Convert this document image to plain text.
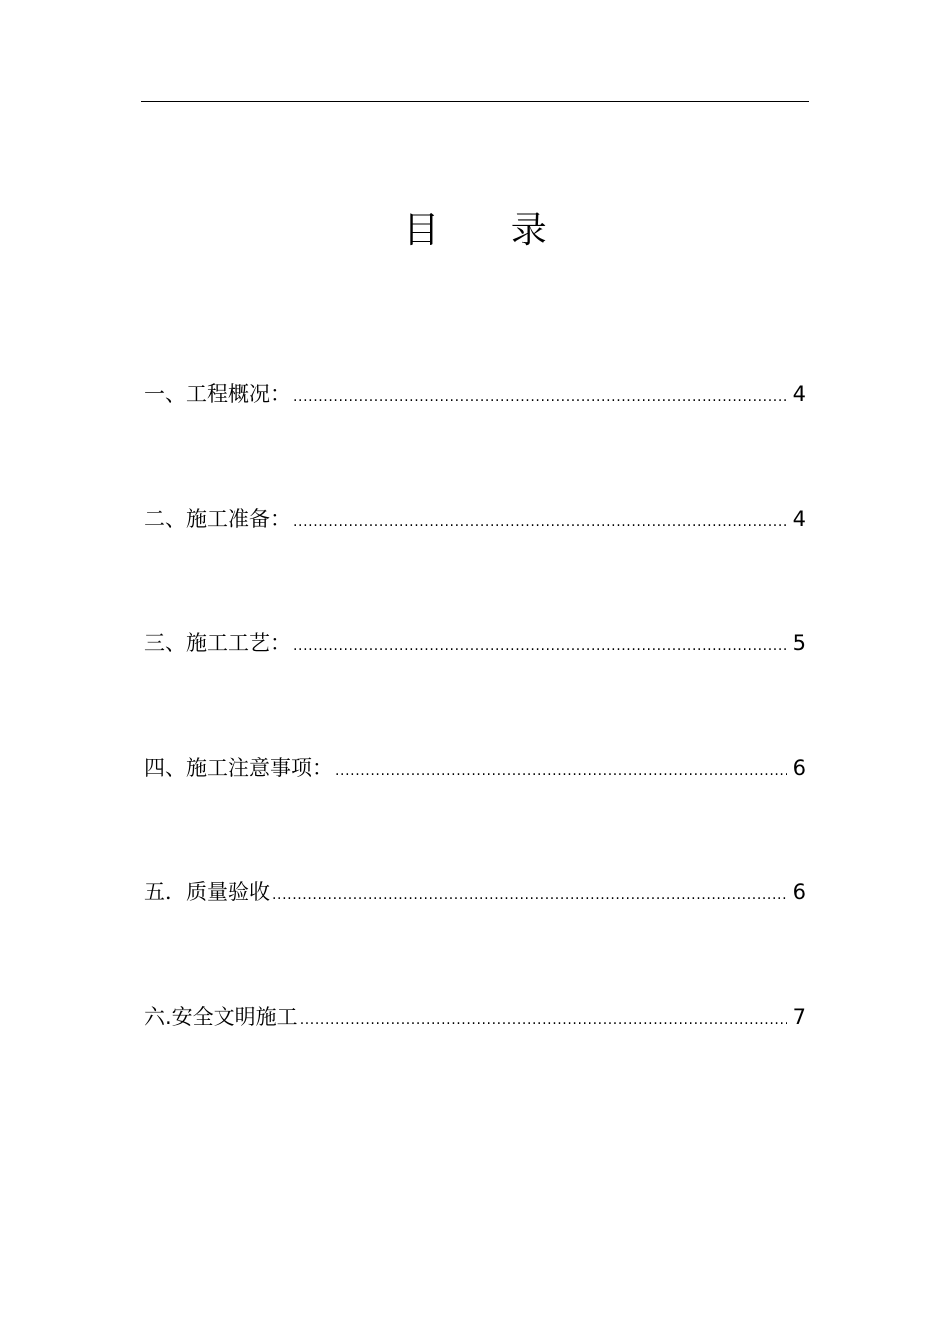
目 录
一、工程概况： .....	4
二、施工准备： .....	4
三、施工工艺： .....	5
四、施工注意事项： .....	6
五．质量验收 .....	6
六.安全文明施工 .....	7
